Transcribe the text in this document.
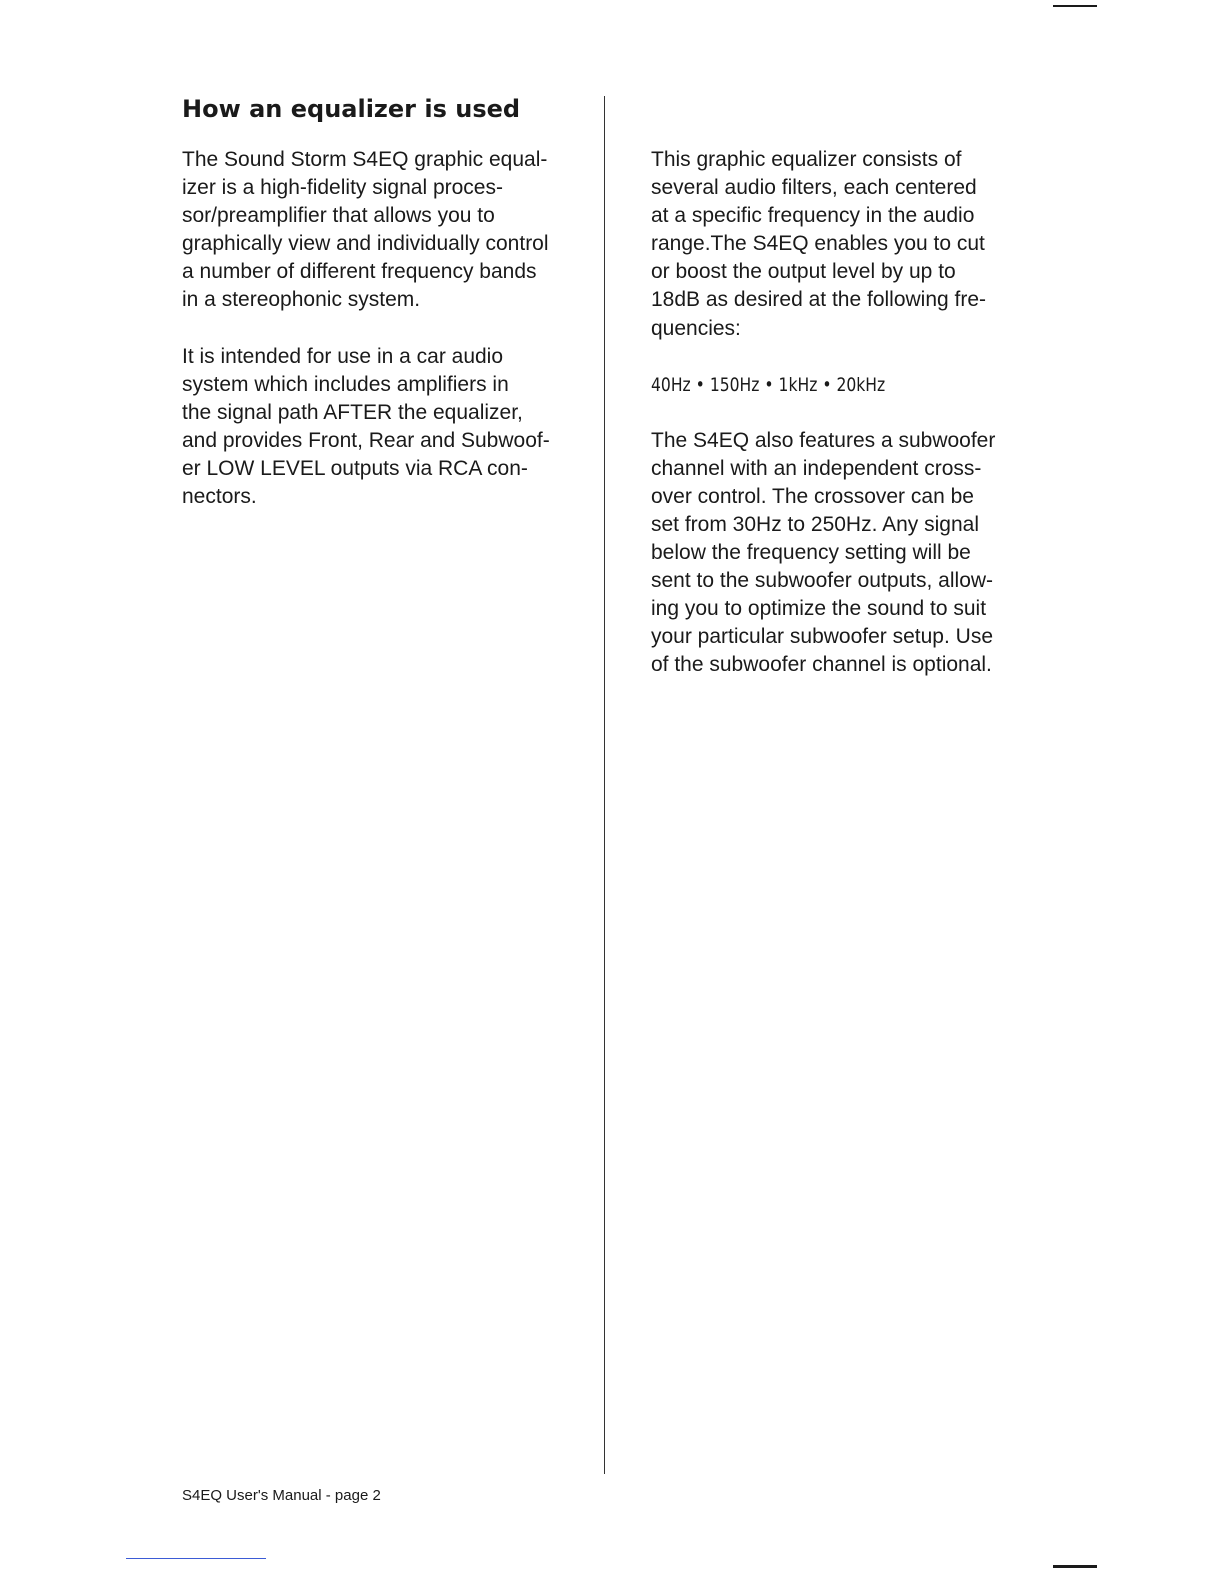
How an equalizer is used

The Sound Storm S4EQ graphic equal-
izer is a high-fidelity signal proces-
sor/preamplifier that allows you to
graphically view and individually control
a number of different frequency bands
in a stereophonic system.

It is intended for use in a car audio
system which includes amplifiers in
the signal path AFTER the equalizer,
and provides Front, Rear and Subwoof-
er LOW LEVEL outputs via RCA con-
nectors.

This graphic equalizer consists of
several audio filters, each centered
at a specific frequency in the audio
range.The S4EQ enables you to cut
or boost the output level by up to
18dB as desired at the following fre-
quencies:

40Hz • 150Hz • 1kHz • 20kHz

The S4EQ also features a subwoofer
channel with an independent cross-
over control. The crossover can be
set from 30Hz to 250Hz. Any signal
below the frequency setting will be
sent to the subwoofer outputs, allow-
ing you to optimize the sound to suit
your particular subwoofer setup. Use
of the subwoofer channel is optional.

S4EQ User's Manual - page 2
